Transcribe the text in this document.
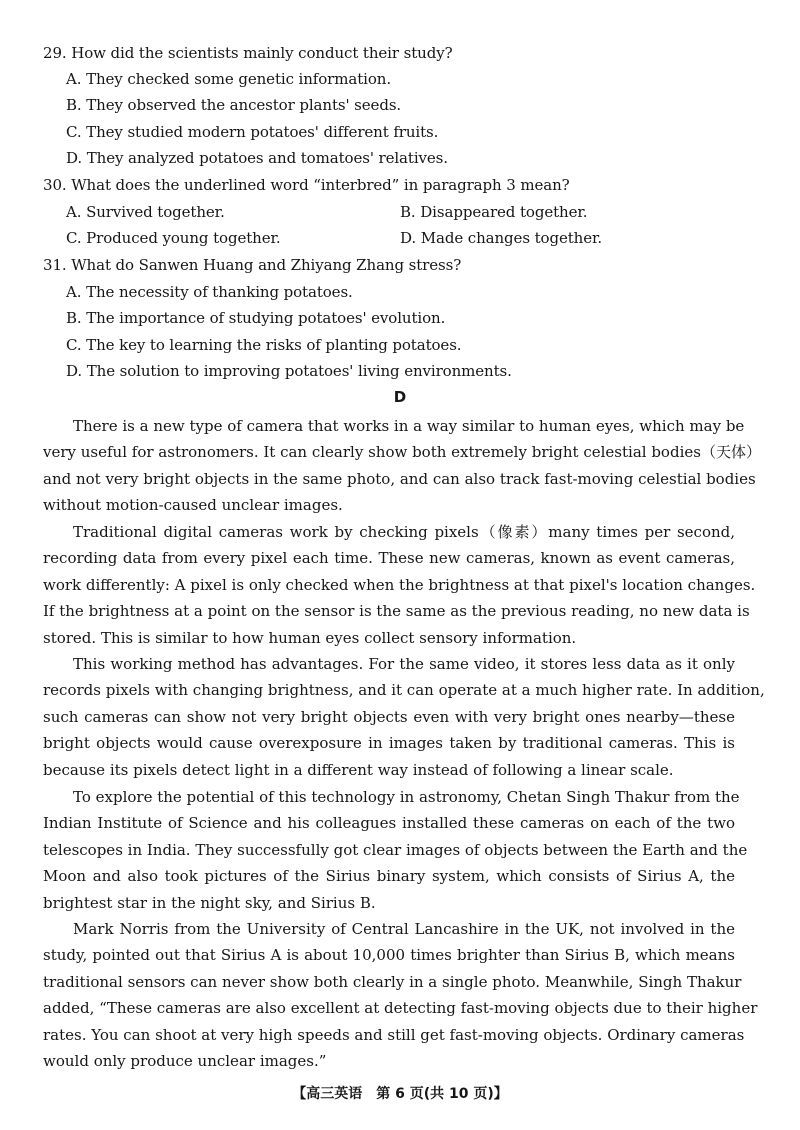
29. How did the scientists mainly conduct their study?

A. They checked some genetic information.

B. They observed the ancestor plants' seeds.

C. They studied modern potatoes' different fruits.

D. They analyzed potatoes and tomatoes' relatives.

30. What does the underlined word “interbred” in paragraph 3 mean?

A. Survived together.	B. Disappeared together.

C. Produced young together.	D. Made changes together.

31. What do Sanwen Huang and Zhiyang Zhang stress?

A. The necessity of thanking potatoes.

B. The importance of studying potatoes' evolution.

C. The key to learning the risks of planting potatoes.

D. The solution to improving potatoes' living environments.

D
There is a new type of camera that works in a way similar to human eyes, which may be
very useful for astronomers. It can clearly show both extremely bright celestial bodies（天体）
and not very bright objects in the same photo, and can also track fast-moving celestial bodies
without motion-caused unclear images.
Traditional digital cameras work by checking pixels（像素）many times per second,
recording data from every pixel each time. These new cameras, known as event cameras,
work differently: A pixel is only checked when the brightness at that pixel's location changes.
If the brightness at a point on the sensor is the same as the previous reading, no new data is
stored. This is similar to how human eyes collect sensory information.
This working method has advantages. For the same video, it stores less data as it only
records pixels with changing brightness, and it can operate at a much higher rate. In addition,
such cameras can show not very bright objects even with very bright ones nearby—these
bright objects would cause overexposure in images taken by traditional cameras. This is
because its pixels detect light in a different way instead of following a linear scale.
To explore the potential of this technology in astronomy, Chetan Singh Thakur from the
Indian Institute of Science and his colleagues installed these cameras on each of the two
telescopes in India. They successfully got clear images of objects between the Earth and the
Moon and also took pictures of the Sirius binary system, which consists of Sirius A, the
brightest star in the night sky, and Sirius B.
Mark Norris from the University of Central Lancashire in the UK, not involved in the
study, pointed out that Sirius A is about 10,000 times brighter than Sirius B, which means
traditional sensors can never show both clearly in a single photo. Meanwhile, Singh Thakur
added, “These cameras are also excellent at detecting fast-moving objects due to their higher
rates. You can shoot at very high speeds and still get fast-moving objects. Ordinary cameras
would only produce unclear images.”
【高三英语　第 6 页(共 10 页)】
